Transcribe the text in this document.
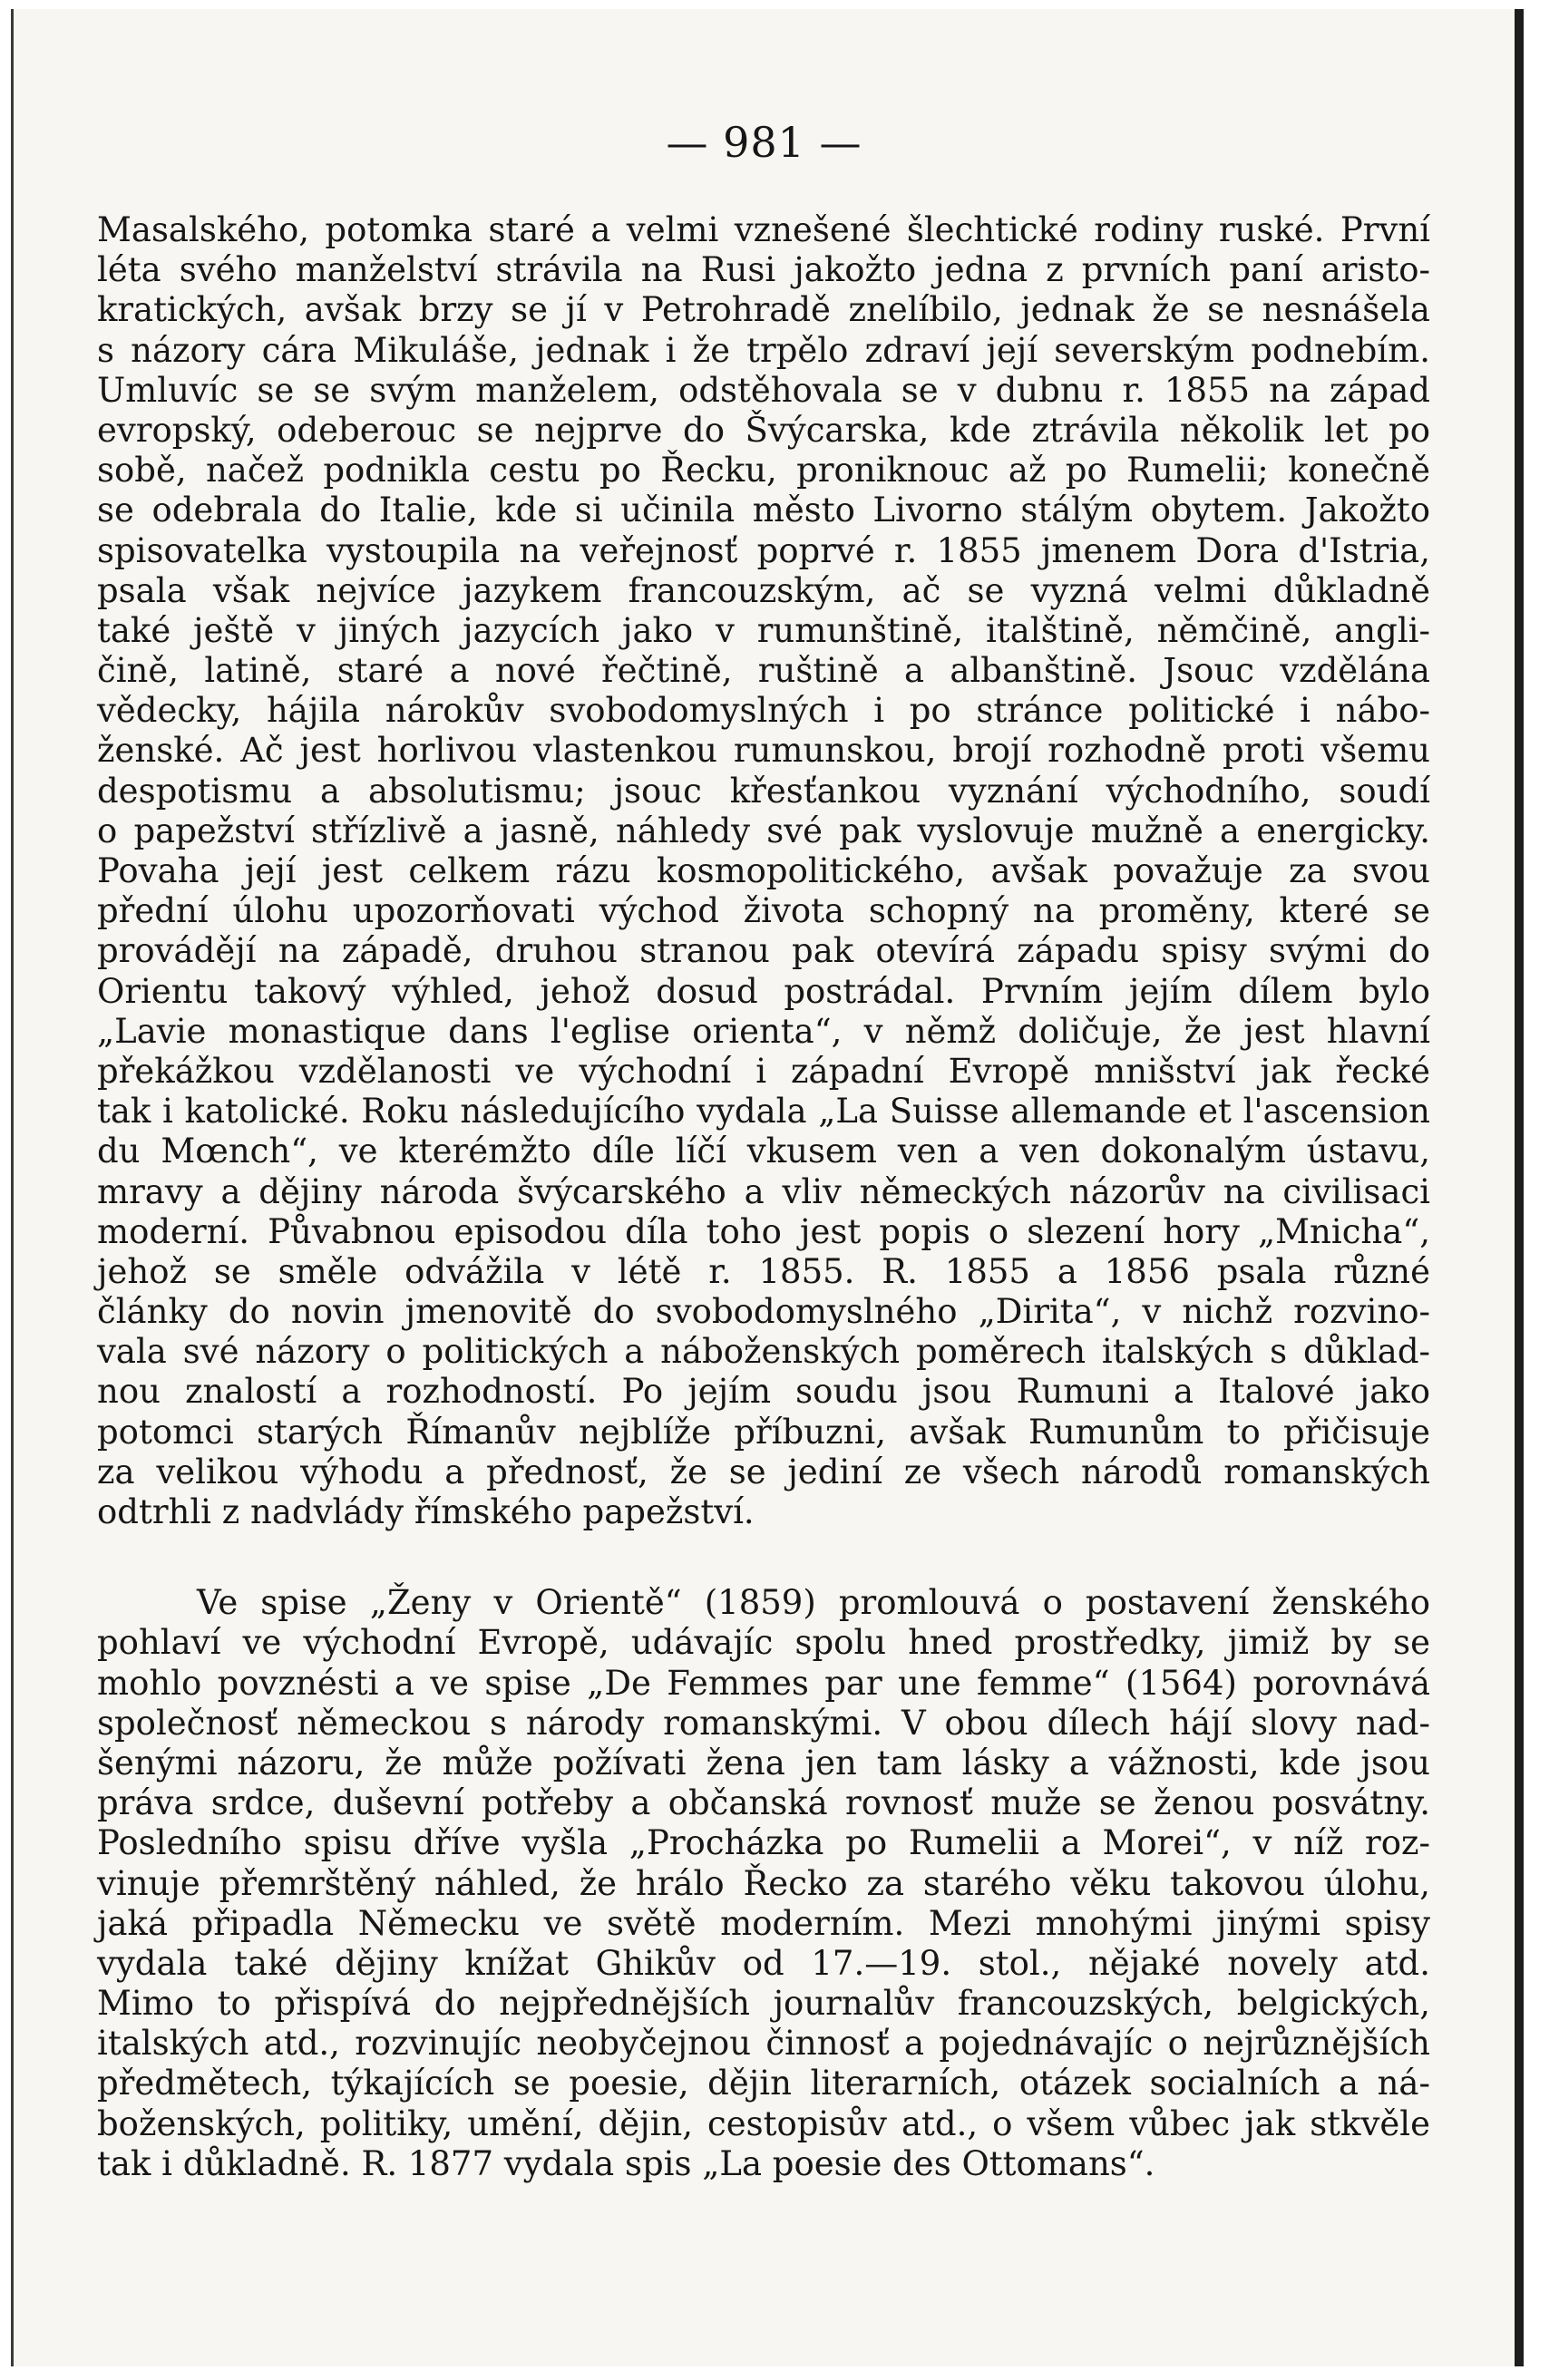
— 981 —
Masalského, potomka staré a velmi vznešené šlechtické rodiny ruské. První
léta svého manželství strávila na Rusi jakožto jedna z prvních paní aristo-
kratických, avšak brzy se jí v Petrohradě znelíbilo, jednak že se nesnášela
s názory cára Mikuláše, jednak i že trpělo zdraví její severským podnebím.
Umluvíc se se svým manželem, odstěhovala se v dubnu r. 1855 na západ
evropský, odeberouc se nejprve do Švýcarska, kde ztrávila několik let po
sobě, načež podnikla cestu po Řecku, proniknouc až po Rumelii; konečně
se odebrala do Italie, kde si učinila město Livorno stálým obytem. Jakožto
spisovatelka vystoupila na veřejnosť poprvé r. 1855 jmenem Dora d'Istria,
psala však nejvíce jazykem francouzským, ač se vyzná velmi důkladně
také ještě v jiných jazycích jako v rumunštině, italštině, němčině, angli-
čině, latině, staré a nové řečtině, ruštině a albanštině. Jsouc vzdělána
vědecky, hájila nárokův svobodomyslných i po stránce politické i nábo-
ženské. Ač jest horlivou vlastenkou rumunskou, brojí rozhodně proti všemu
despotismu a absolutismu; jsouc křesťankou vyznání východního, soudí
o papežství střízlivě a jasně, náhledy své pak vyslovuje mužně a energicky.
Povaha její jest celkem rázu kosmopolitického, avšak považuje za svou
přední úlohu upozorňovati východ života schopný na proměny, které se
provádějí na západě, druhou stranou pak otevírá západu spisy svými do
Orientu takový výhled, jehož dosud postrádal. Prvním jejím dílem bylo
„Lavie monastique dans l'eglise orienta“, v němž doličuje, že jest hlavní
překážkou vzdělanosti ve východní i západní Evropě mnišství jak řecké
tak i katolické. Roku následujícího vydala „La Suisse allemande et l'ascension
du Mœnch“, ve kterémžto díle líčí vkusem ven a ven dokonalým ústavu,
mravy a dějiny národa švýcarského a vliv německých názorův na civilisaci
moderní. Půvabnou episodou díla toho jest popis o slezení hory „Mnicha“,
jehož se směle odvážila v létě r. 1855. R. 1855 a 1856 psala různé
články do novin jmenovitě do svobodomyslného „Dirita“, v nichž rozvino-
vala své názory o politických a náboženských poměrech italských s důklad-
nou znalostí a rozhodností. Po jejím soudu jsou Rumuni a Italové jako
potomci starých Římanův nejblíže příbuzni, avšak Rumunům to přičisuje
za velikou výhodu a přednosť, že se jediní ze všech národů romanských
odtrhli z nadvlády římského papežství.
Ve spise „Ženy v Orientě“ (1859) promlouvá o postavení ženského
pohlaví ve východní Evropě, udávajíc spolu hned prostředky, jimiž by se
mohlo povznésti a ve spise „De Femmes par une femme“ (1564) porovnává
společnosť německou s národy romanskými. V obou dílech hájí slovy nad-
šenými názoru, že může požívati žena jen tam lásky a vážnosti, kde jsou
práva srdce, duševní potřeby a občanská rovnosť muže se ženou posvátny.
Posledního spisu dříve vyšla „Procházka po Rumelii a Morei“, v níž roz-
vinuje přemrštěný náhled, že hrálo Řecko za starého věku takovou úlohu,
jaká připadla Německu ve světě moderním. Mezi mnohými jinými spisy
vydala také dějiny knížat Ghikův od 17.—19. stol., nějaké novely atd.
Mimo to přispívá do nejpřednějších journalův francouzských, belgických,
italských atd., rozvinujíc neobyčejnou činnosť a pojednávajíc o nejrůznějších
předmětech, týkajících se poesie, dějin literarních, otázek socialních a ná-
boženských, politiky, umění, dějin, cestopisův atd., o všem vůbec jak stkvěle
tak i důkladně. R. 1877 vydala spis „La poesie des Ottomans“.
